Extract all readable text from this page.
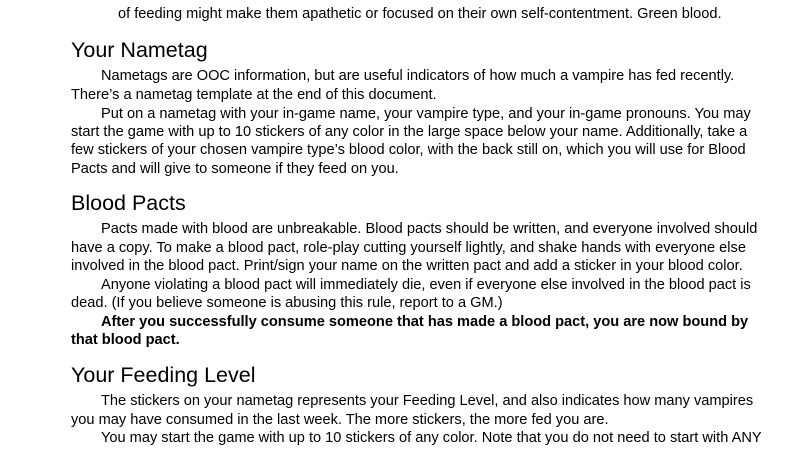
of feeding might make them apathetic or focused on their own self-contentment. Green blood.

Your Nametag

Nametags are OOC information, but are useful indicators of how much a vampire has fed recently.

There’s a nametag template at the end of this document.

Put on a nametag with your in-game name, your vampire type, and your in-game pronouns. You may

start the game with up to 10 stickers of any color in the large space below your name. Additionally, take a

few stickers of your chosen vampire type’s blood color, with the back still on, which you will use for Blood

Pacts and will give to someone if they feed on you.

Blood Pacts

Pacts made with blood are unbreakable. Blood pacts should be written, and everyone involved should

have a copy. To make a blood pact, role-play cutting yourself lightly, and shake hands with everyone else

involved in the blood pact. Print/sign your name on the written pact and add a sticker in your blood color.

Anyone violating a blood pact will immediately die, even if everyone else involved in the blood pact is

dead. (If you believe someone is abusing this rule, report to a GM.)

After you successfully consume someone that has made a blood pact, you are now bound by

that blood pact.

Your Feeding Level

The stickers on your nametag represents your Feeding Level, and also indicates how many vampires

you may have consumed in the last week. The more stickers, the more fed you are.

You may start the game with up to 10 stickers of any color. Note that you do not need to start with ANY
